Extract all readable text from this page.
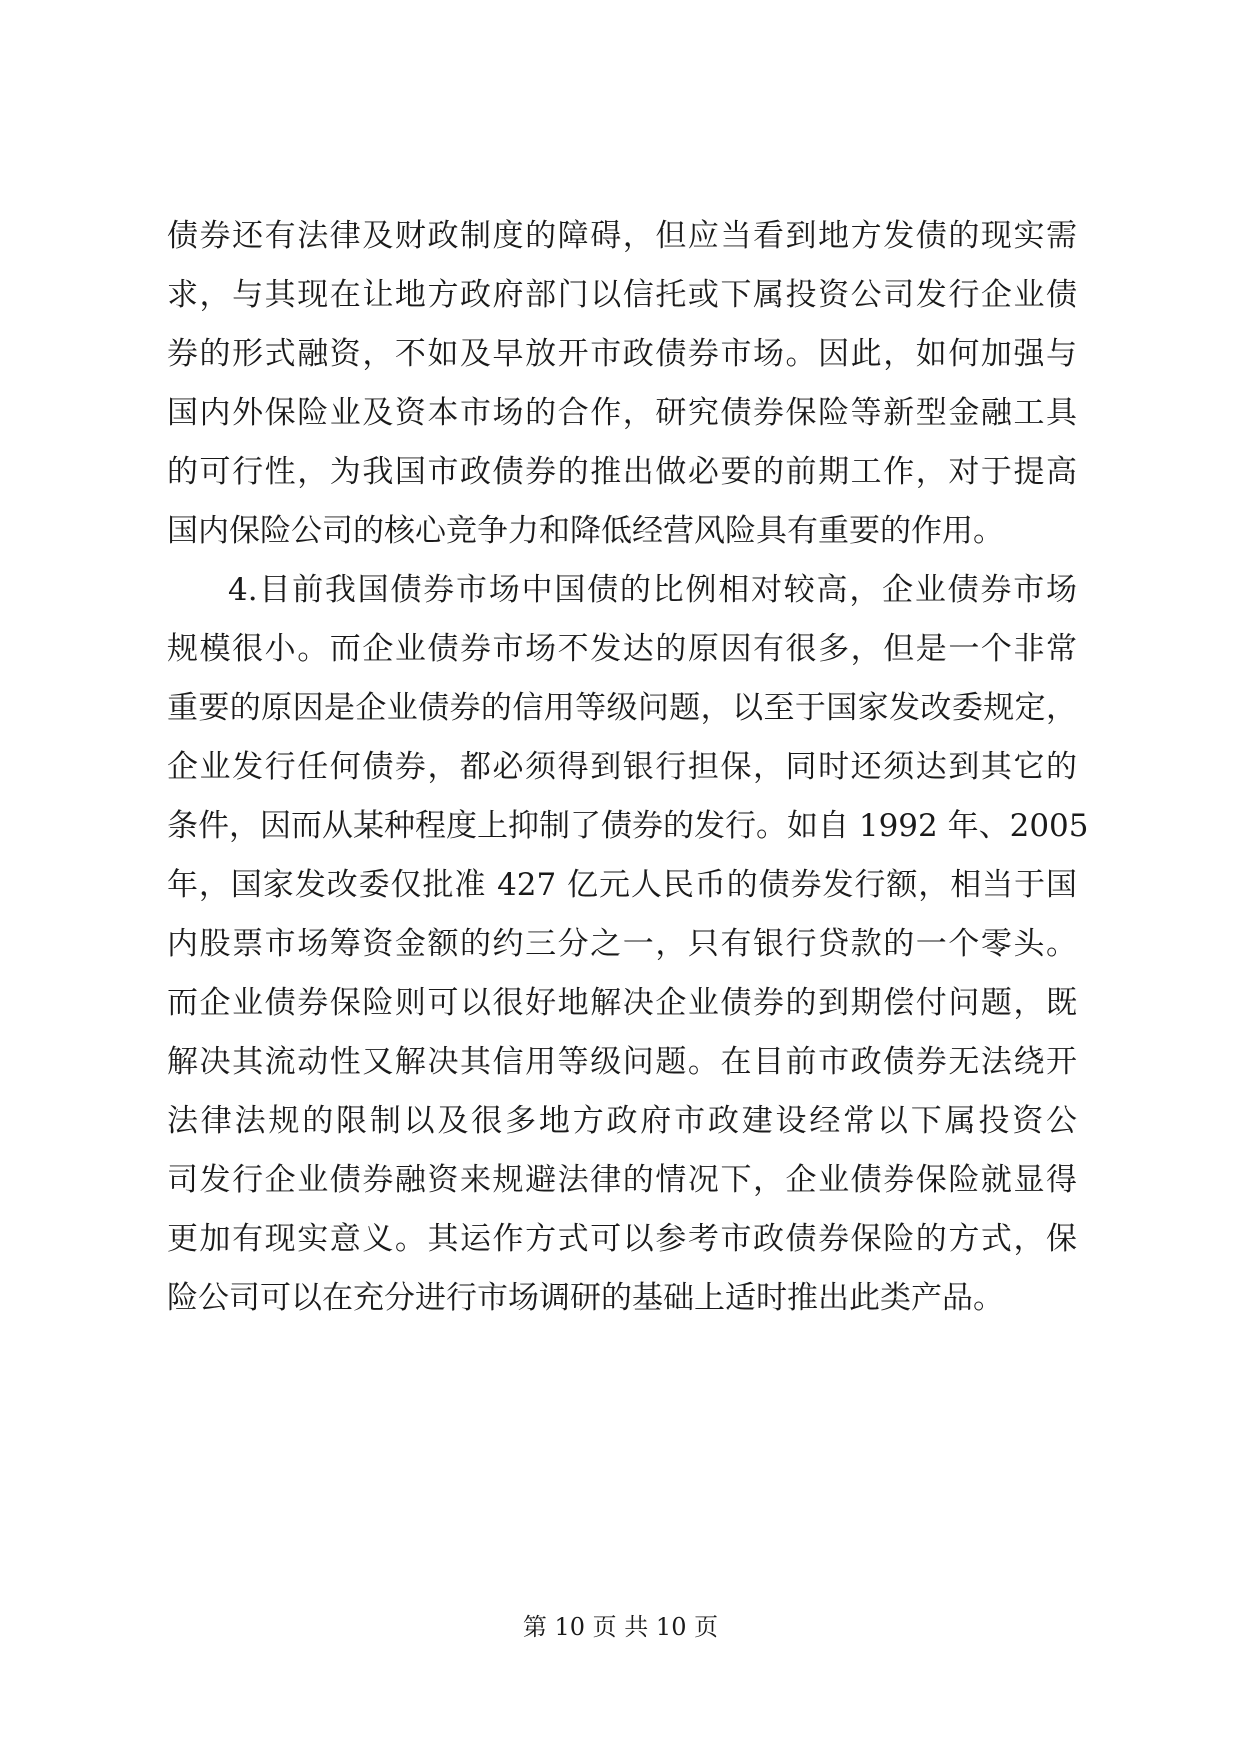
债券还有法律及财政制度的障碍，但应当看到地方发债的现实需
求，与其现在让地方政府部门以信托或下属投资公司发行企业债
券的形式融资，不如及早放开市政债券市场。因此，如何加强与
国内外保险业及资本市场的合作，研究债券保险等新型金融工具
的可行性，为我国市政债券的推出做必要的前期工作，对于提高
国内保险公司的核心竞争力和降低经营风险具有重要的作用。
4.目前我国债券市场中国债的比例相对较高，企业债券市场
规模很小。而企业债券市场不发达的原因有很多，但是一个非常
重要的原因是企业债券的信用等级问题，以至于国家发改委规定，
企业发行任何债券，都必须得到银行担保，同时还须达到其它的
条件，因而从某种程度上抑制了债券的发行。如自 1992 年、2005
年，国家发改委仅批准 427 亿元人民币的债券发行额，相当于国
内股票市场筹资金额的约三分之一，只有银行贷款的一个零头。
而企业债券保险则可以很好地解决企业债券的到期偿付问题，既
解决其流动性又解决其信用等级问题。在目前市政债券无法绕开
法律法规的限制以及很多地方政府市政建设经常以下属投资公
司发行企业债券融资来规避法律的情况下，企业债券保险就显得
更加有现实意义。其运作方式可以参考市政债券保险的方式，保
险公司可以在充分进行市场调研的基础上适时推出此类产品。
第 10 页 共 10 页
